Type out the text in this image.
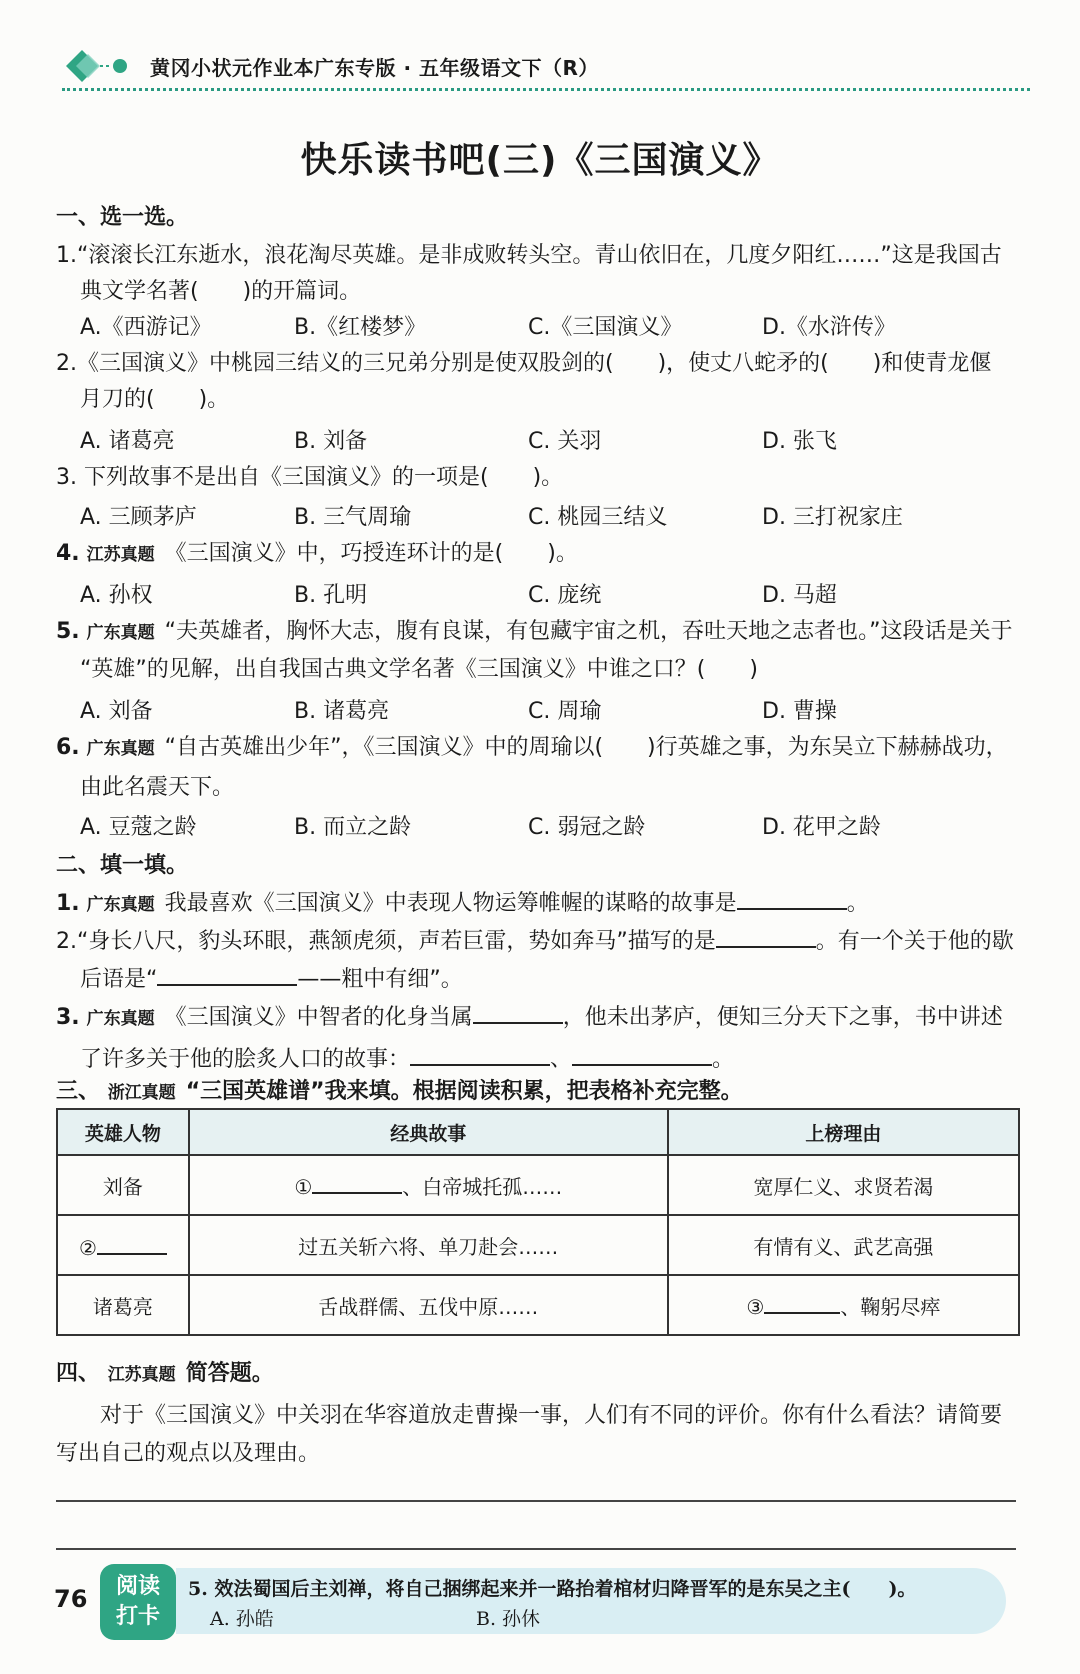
黄冈小状元作业本广东专版 · 五年级语文下（R）
快乐读书吧(三)《三国演义》
一、选一选。
1.“滚滚长江东逝水，浪花淘尽英雄。是非成败转头空。青山依旧在，几度夕阳红……”这是我国古
典文学名著(　　)的开篇词。
A.《西游记》	B.《红楼梦》	C.《三国演义》	D.《水浒传》
2.《三国演义》中桃园三结义的三兄弟分别是使双股剑的(　　)，使丈八蛇矛的(　　)和使青龙偃
月刀的(　　)。
A. 诸葛亮	B. 刘备	C. 关羽	D. 张飞
3. 下列故事不是出自《三国演义》的一项是(　　)。
A. 三顾茅庐	B. 三气周瑜	C. 桃园三结义	D. 三打祝家庄
4. 江苏真题 《三国演义》中，巧授连环计的是(　　)。
A. 孙权	B. 孔明	C. 庞统	D. 马超
5. 广东真题 “夫英雄者，胸怀大志，腹有良谋，有包藏宇宙之机，吞吐天地之志者也。”这段话是关于
“英雄”的见解，出自我国古典文学名著《三国演义》中谁之口？(　　)
A. 刘备	B. 诸葛亮	C. 周瑜	D. 曹操
6. 广东真题 “自古英雄出少年”，《三国演义》中的周瑜以(　　)行英雄之事，为东吴立下赫赫战功，
由此名震天下。
A. 豆蔻之龄	B. 而立之龄	C. 弱冠之龄	D. 花甲之龄
二、填一填。
1. 广东真题 我最喜欢《三国演义》中表现人物运筹帷幄的谋略的故事是	。
2.“身长八尺，豹头环眼，燕颔虎须，声若巨雷，势如奔马”描写的是	。有一个关于他的歇
后语是“	——粗中有细”。
3. 广东真题 《三国演义》中智者的化身当属	，他未出茅庐，便知三分天下之事，书中讲述
了许多关于他的脍炙人口的故事：	、	。
三、 浙江真题 “三国英雄谱”我来填。根据阅读积累，把表格补充完整。
英雄人物	经典故事	上榜理由
刘备	① 、白帝城托孤……	宽厚仁义、求贤若渴
②	过五关斩六将、单刀赴会……	有情有义、武艺高强
诸葛亮	舌战群儒、五伐中原……	③ 、鞠躬尽瘁
四、 江苏真题 简答题。
对于《三国演义》中关羽在华容道放走曹操一事，人们有不同的评价。你有什么看法？请简要
写出自己的观点以及理由。
76	阅读
打卡
5. 效法蜀国后主刘禅，将自己捆绑起来并一路抬着棺材归降晋军的是东吴之主(　　)。
A. 孙皓	B. 孙休
